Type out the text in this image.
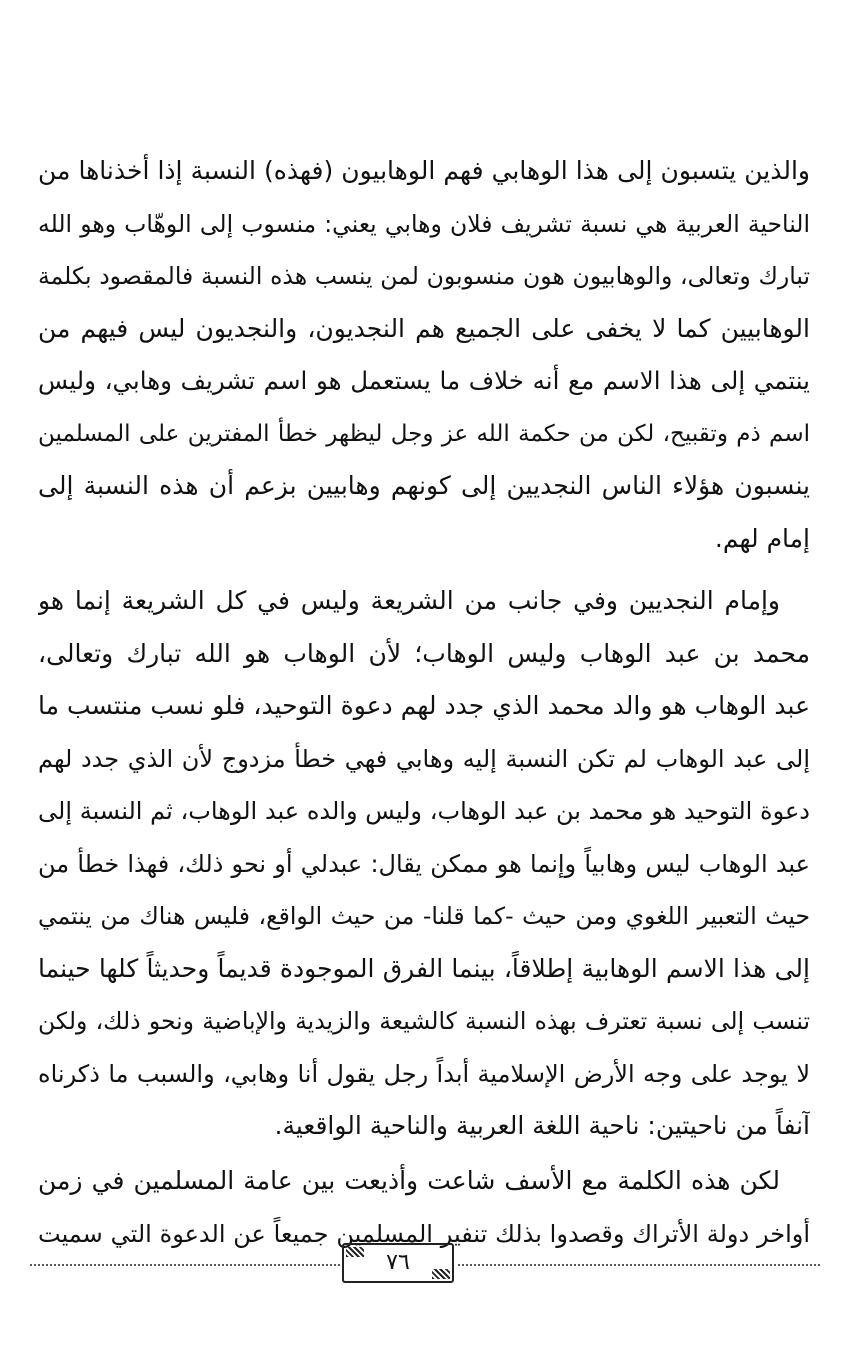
والذين يتسبون إلى هذا الوهابي فهم الوهابيون (فهذه) النسبة إذا أخذناها من
الناحية العربية هي نسبة تشريف فلان وهابي يعني: منسوب إلى الوهّاب وهو الله
تبارك وتعالى، والوهابيون هون منسوبون لمن ينسب هذه النسبة فالمقصود بكلمة
الوهابيين كما لا يخفى على الجميع هم النجديون، والنجديون ليس فيهم من
ينتمي إلى هذا الاسم مع أنه خلاف ما يستعمل هو اسم تشريف وهابي، وليس
اسم ذم وتقبيح، لكن من حكمة الله عز وجل ليظهر خطأ المفترين على المسلمين
ينسبون هؤلاء الناس النجديين إلى كونهم وهابيين بزعم أن هذه النسبة إلى
إمام لهم.
وإمام النجديين وفي جانب من الشريعة وليس في كل الشريعة إنما هو
محمد بن عبد الوهاب وليس الوهاب؛ لأن الوهاب هو الله تبارك وتعالى،
عبد الوهاب هو والد محمد الذي جدد لهم دعوة التوحيد، فلو نسب منتسب ما
إلى عبد الوهاب لم تكن النسبة إليه وهابي فهي خطأ مزدوج لأن الذي جدد لهم
دعوة التوحيد هو محمد بن عبد الوهاب، وليس والده عبد الوهاب، ثم النسبة إلى
عبد الوهاب ليس وهابياً وإنما هو ممكن يقال: عبدلي أو نحو ذلك، فهذا خطأ من
حيث التعبير اللغوي ومن حيث -كما قلنا- من حيث الواقع، فليس هناك من ينتمي
إلى هذا الاسم الوهابية إطلاقاً، بينما الفرق الموجودة قديماً وحديثاً كلها حينما
تنسب إلى نسبة تعترف بهذه النسبة كالشيعة والزيدية والإباضية ونحو ذلك، ولكن
لا يوجد على وجه الأرض الإسلامية أبداً رجل يقول أنا وهابي، والسبب ما ذكرناه
آنفاً من ناحيتين: ناحية اللغة العربية والناحية الواقعية.
لكن هذه الكلمة مع الأسف شاعت وأذيعت بين عامة المسلمين في زمن
أواخر دولة الأتراك وقصدوا بذلك تنفير المسلمين جميعاً عن الدعوة التي سميت
٧٦
